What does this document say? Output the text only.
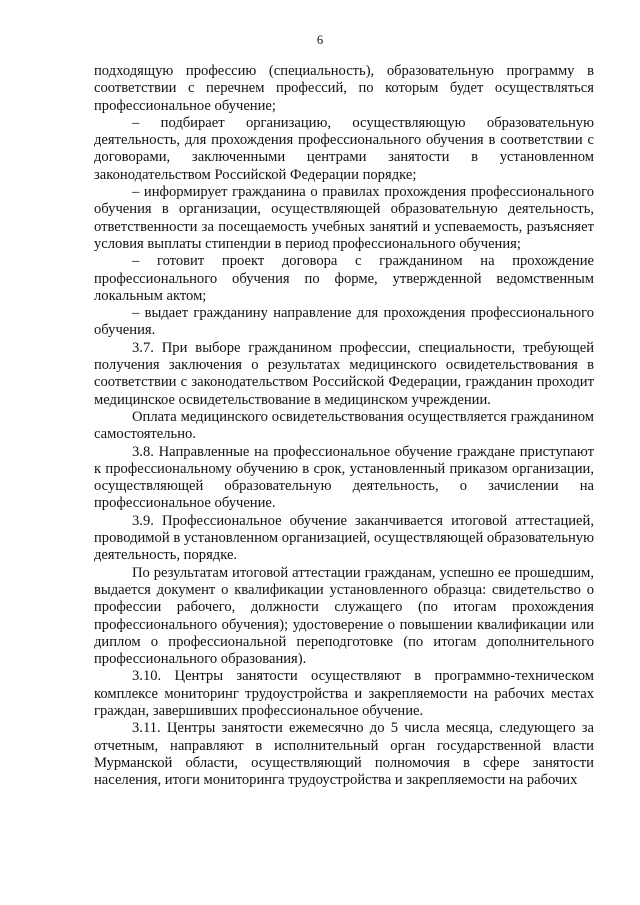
6

подходящую профессию (специальность), образовательную программу в соответствии с перечнем профессий, по которым будет осуществляться профессиональное обучение;

– подбирает организацию, осуществляющую образовательную деятельность, для прохождения профессионального обучения в соответствии с договорами, заключенными центрами занятости в установленном законодательством Российской Федерации порядке;

– информирует гражданина о правилах прохождения профессионального обучения в организации, осуществляющей образовательную деятельность, ответственности за посещаемость учебных занятий и успеваемость, разъясняет условия выплаты стипендии в период профессионального обучения;

– готовит проект договора с гражданином на прохождение профессионального обучения по форме, утвержденной ведомственным локальным актом;

– выдает гражданину направление для прохождения профессионального обучения.

3.7. При выборе гражданином профессии, специальности, требующей получения заключения о результатах медицинского освидетельствования в соответствии с законодательством Российской Федерации, гражданин проходит медицинское освидетельствование в медицинском учреждении.

Оплата медицинского освидетельствования осуществляется гражданином самостоятельно.

3.8. Направленные на профессиональное обучение граждане приступают к профессиональному обучению в срок, установленный приказом организации, осуществляющей образовательную деятельность, о зачислении на профессиональное обучение.

3.9. Профессиональное обучение заканчивается итоговой аттестацией, проводимой в установленном организацией, осуществляющей образовательную деятельность, порядке.

По результатам итоговой аттестации гражданам, успешно ее прошедшим, выдается документ о квалификации установленного образца: свидетельство о профессии рабочего, должности служащего (по итогам прохождения профессионального обучения); удостоверение о повышении квалификации или диплом о профессиональной переподготовке (по итогам дополнительного профессионального образования).

3.10. Центры занятости осуществляют в программно-техническом комплексе мониторинг трудоустройства и закрепляемости на рабочих местах граждан, завершивших профессиональное обучение.

3.11. Центры занятости ежемесячно до 5 числа месяца, следующего за отчетным, направляют в исполнительный орган государственной власти Мурманской области, осуществляющий полномочия в сфере занятости населения, итоги мониторинга трудоустройства и закрепляемости на рабочих
